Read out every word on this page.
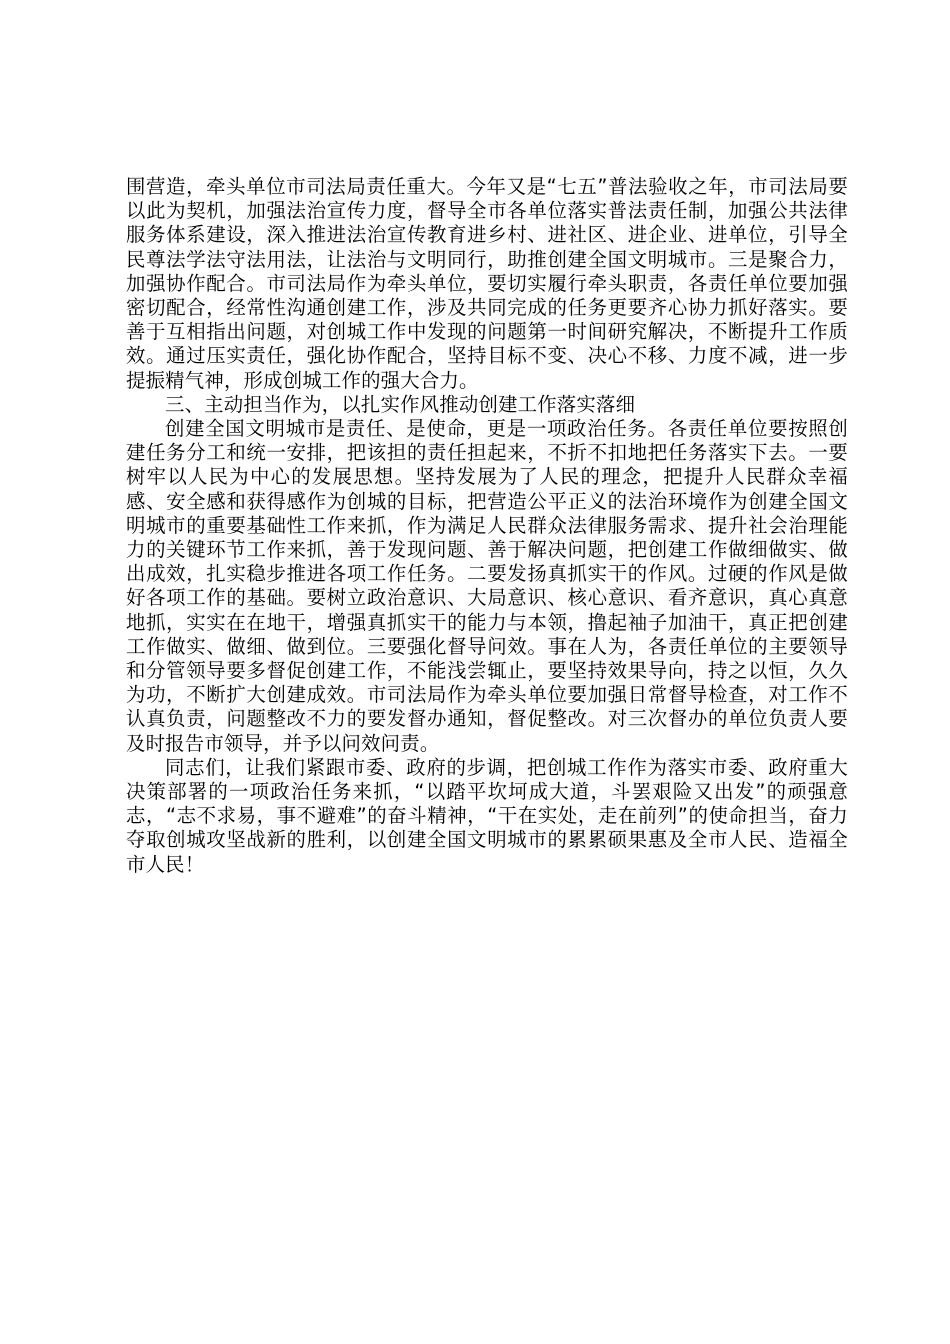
围营造，牵头单位市司法局责任重大。今年又是“七五”普法验收之年，市司法局要以此为契机，加强法治宣传力度，督导全市各单位落实普法责任制，加强公共法律服务体系建设，深入推进法治宣传教育进乡村、进社区、进企业、进单位，引导全民尊法学法守法用法，让法治与文明同行，助推创建全国文明城市。三是聚合力，加强协作配合。市司法局作为牵头单位，要切实履行牵头职责，各责任单位要加强密切配合，经常性沟通创建工作，涉及共同完成的任务更要齐心协力抓好落实。要善于互相指出问题，对创城工作中发现的问题第一时间研究解决，不断提升工作质效。通过压实责任，强化协作配合，坚持目标不变、决心不移、力度不减，进一步提振精气神，形成创城工作的强大合力。

三、主动担当作为，以扎实作风推动创建工作落实落细

创建全国文明城市是责任、是使命，更是一项政治任务。各责任单位要按照创建任务分工和统一安排，把该担的责任担起来，不折不扣地把任务落实下去。一要树牢以人民为中心的发展思想。坚持发展为了人民的理念，把提升人民群众幸福感、安全感和获得感作为创城的目标，把营造公平正义的法治环境作为创建全国文明城市的重要基础性工作来抓，作为满足人民群众法律服务需求、提升社会治理能力的关键环节工作来抓，善于发现问题、善于解决问题，把创建工作做细做实、做出成效，扎实稳步推进各项工作任务。二要发扬真抓实干的作风。过硬的作风是做好各项工作的基础。要树立政治意识、大局意识、核心意识、看齐意识，真心真意地抓，实实在在地干，增强真抓实干的能力与本领，撸起袖子加油干，真正把创建工作做实、做细、做到位。三要强化督导问效。事在人为，各责任单位的主要领导和分管领导要多督促创建工作，不能浅尝辄止，要坚持效果导向，持之以恒，久久为功，不断扩大创建成效。市司法局作为牵头单位要加强日常督导检查，对工作不认真负责，问题整改不力的要发督办通知，督促整改。对三次督办的单位负责人要及时报告市领导，并予以问效问责。

同志们，让我们紧跟市委、政府的步调，把创城工作作为落实市委、政府重大决策部署的一项政治任务来抓，“以踏平坎坷成大道，斗罢艰险又出发”的顽强意志，“志不求易，事不避难”的奋斗精神，“干在实处，走在前列”的使命担当，奋力夺取创城攻坚战新的胜利，以创建全国文明城市的累累硕果惠及全市人民、造福全市人民！
